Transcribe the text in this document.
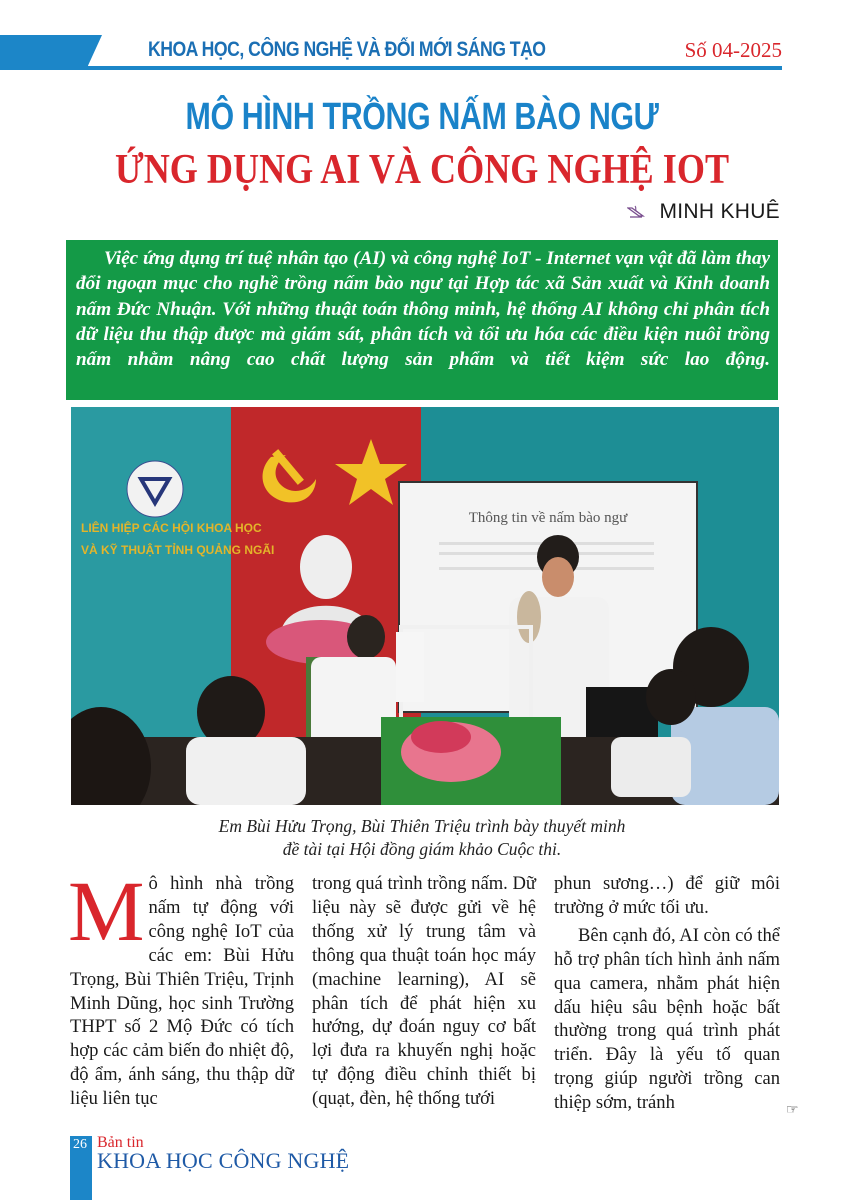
KHOA HỌC, CÔNG NGHỆ VÀ ĐỔI MỚI SÁNG TẠO	Số 04-2025
MÔ HÌNH TRỒNG NẤM BÀO NGƯ
ỨNG DỤNG AI VÀ CÔNG NGHỆ IOT
MINH KHUÊ

Việc ứng dụng trí tuệ nhân tạo (AI) và công nghệ IoT - Internet vạn vật đã làm thay đổi ngoạn mục cho nghề trồng nấm bào ngư tại Hợp tác xã Sản xuất và Kinh doanh nấm Đức Nhuận. Với những thuật toán thông minh, hệ thống AI không chỉ phân tích dữ liệu thu thập được mà giám sát, phân tích và tối ưu hóa các điều kiện nuôi trồng nấm nhằm nâng cao chất lượng sản phẩm và tiết kiệm sức lao động.

LIÊN HIỆP CÁC HỘI KHOA HỌC
VÀ KỸ THUẬT TỈNH QUẢNG NGÃI
Thông tin về nấm bào ngư
Em Bùi Hửu Trọng, Bùi Thiên Triệu trình bày thuyết minh
đề tài tại Hội đồng giám khảo Cuộc thi.
M ô hình nhà trồng nấm tự động với công nghệ IoT của các em: Bùi Hửu Trọng, Bùi Thiên Triệu, Trịnh Minh Dũng, học sinh Trường THPT số 2 Mộ Đức có tích hợp các cảm biến đo nhiệt độ, độ ẩm, ánh sáng, thu thập dữ liệu liên tục

trong quá trình trồng nấm. Dữ liệu này sẽ được gửi về hệ thống xử lý trung tâm và thông qua thuật toán học máy (machine learning), AI sẽ phân tích để phát hiện xu hướng, dự đoán nguy cơ bất lợi đưa ra khuyến nghị hoặc tự động điều chỉnh thiết bị (quạt, đèn, hệ thống tưới

phun sương…) để giữ môi trường ở mức tối ưu.

Bên cạnh đó, AI còn có thể hỗ trợ phân tích hình ảnh nấm qua camera, nhằm phát hiện dấu hiệu sâu bệnh hoặc bất thường trong quá trình phát triển. Đây là yếu tố quan trọng giúp người trồng can thiệp sớm, tránh	☞
26 Bản tin
KHOA HỌC CÔNG NGHỆ
